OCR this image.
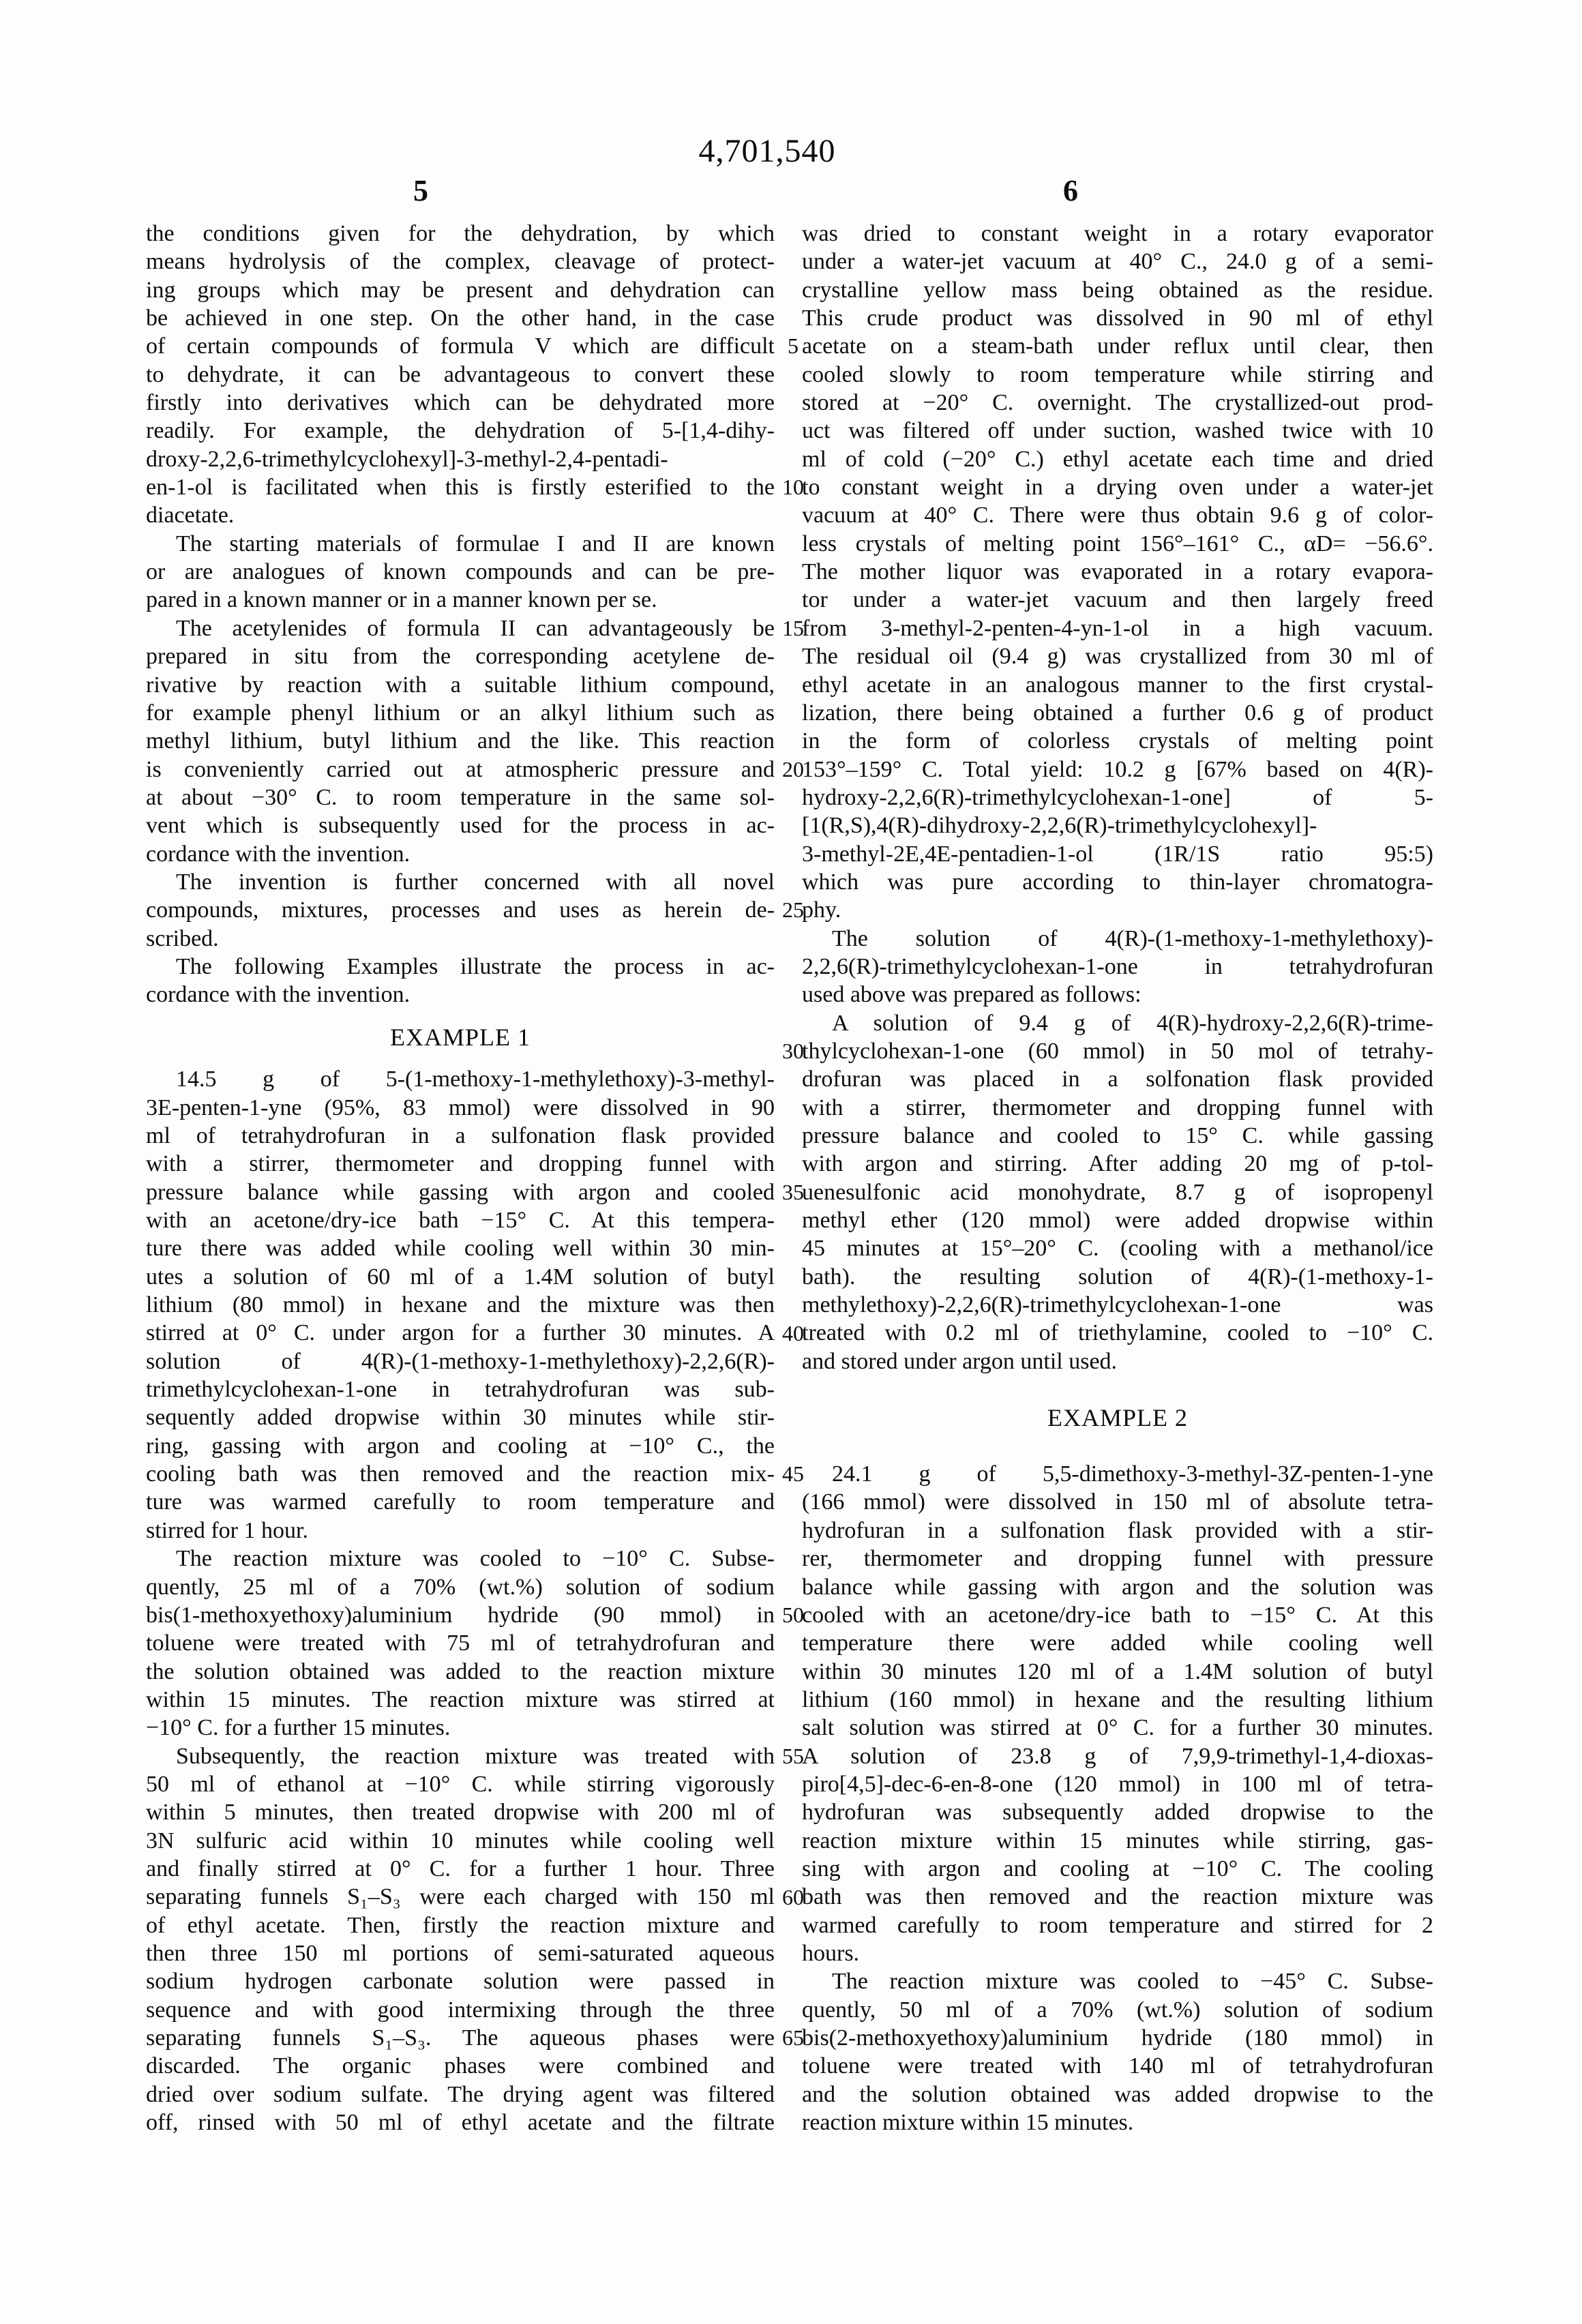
4,701,540
5	6
the conditions given for the dehydration, by which
means hydrolysis of the complex, cleavage of protect-
ing groups which may be present and dehydration can
be achieved in one step. On the other hand, in the case
of certain compounds of formula V which are difficult
to dehydrate, it can be advantageous to convert these
firstly into derivatives which can be dehydrated more
readily. For example, the dehydration of 5-[1,4-dihy-
droxy-2,2,6-trimethylcyclohexyl]-3-methyl-2,4-pentadi-
en-1-ol is facilitated when this is firstly esterified to the
diacetate.
The starting materials of formulae I and II are known
or are analogues of known compounds and can be pre-
pared in a known manner or in a manner known per se.
The acetylenides of formula II can advantageously be
prepared in situ from the corresponding acetylene de-
rivative by reaction with a suitable lithium compound,
for example phenyl lithium or an alkyl lithium such as
methyl lithium, butyl lithium and the like. This reaction
is conveniently carried out at atmospheric pressure and
at about −30° C. to room temperature in the same sol-
vent which is subsequently used for the process in ac-
cordance with the invention.
The invention is further concerned with all novel
compounds, mixtures, processes and uses as herein de-
scribed.
The following Examples illustrate the process in ac-
cordance with the invention.
EXAMPLE 1
14.5 g of 5-(1-methoxy-1-methylethoxy)-3-methyl-
3E-penten-1-yne (95%, 83 mmol) were dissolved in 90
ml of tetrahydrofuran in a sulfonation flask provided
with a stirrer, thermometer and dropping funnel with
pressure balance while gassing with argon and cooled
with an acetone/dry-ice bath −15° C. At this tempera-
ture there was added while cooling well within 30 min-
utes a solution of 60 ml of a 1.4M solution of butyl
lithium (80 mmol) in hexane and the mixture was then
stirred at 0° C. under argon for a further 30 minutes. A
solution of 4(R)-(1-methoxy-1-methylethoxy)-2,2,6(R)-
trimethylcyclohexan-1-one in tetrahydrofuran was sub-
sequently added dropwise within 30 minutes while stir-
ring, gassing with argon and cooling at −10° C., the
cooling bath was then removed and the reaction mix-
ture was warmed carefully to room temperature and
stirred for 1 hour.
The reaction mixture was cooled to −10° C. Subse-
quently, 25 ml of a 70% (wt.%) solution of sodium
bis(1-methoxyethoxy)aluminium hydride (90 mmol) in
toluene were treated with 75 ml of tetrahydrofuran and
the solution obtained was added to the reaction mixture
within 15 minutes. The reaction mixture was stirred at
−10° C. for a further 15 minutes.
Subsequently, the reaction mixture was treated with
50 ml of ethanol at −10° C. while stirring vigorously
within 5 minutes, then treated dropwise with 200 ml of
3N sulfuric acid within 10 minutes while cooling well
and finally stirred at 0° C. for a further 1 hour. Three
separating funnels S₁–S₃ were each charged with 150 ml
of ethyl acetate. Then, firstly the reaction mixture and
then three 150 ml portions of semi-saturated aqueous
sodium hydrogen carbonate solution were passed in
sequence and with good intermixing through the three
separating funnels S₁–S₃. The aqueous phases were
discarded. The organic phases were combined and
dried over sodium sulfate. The drying agent was filtered
off, rinsed with 50 ml of ethyl acetate and the filtrate
5
10
15
20
25
30
35
40
45
50
55
60
65
was dried to constant weight in a rotary evaporator
under a water-jet vacuum at 40° C., 24.0 g of a semi-
crystalline yellow mass being obtained as the residue.
This crude product was dissolved in 90 ml of ethyl
acetate on a steam-bath under reflux until clear, then
cooled slowly to room temperature while stirring and
stored at −20° C. overnight. The crystallized-out prod-
uct was filtered off under suction, washed twice with 10
ml of cold (−20° C.) ethyl acetate each time and dried
to constant weight in a drying oven under a water-jet
vacuum at 40° C. There were thus obtain 9.6 g of color-
less crystals of melting point 156°–161° C., αD= −56.6°.
The mother liquor was evaporated in a rotary evapora-
tor under a water-jet vacuum and then largely freed
from 3-methyl-2-penten-4-yn-1-ol in a high vacuum.
The residual oil (9.4 g) was crystallized from 30 ml of
ethyl acetate in an analogous manner to the first crystal-
lization, there being obtained a further 0.6 g of product
in the form of colorless crystals of melting point
153°–159° C. Total yield: 10.2 g [67% based on 4(R)-
hydroxy-2,2,6(R)-trimethylcyclohexan-1-one] of 5-
[1(R,S),4(R)-dihydroxy-2,2,6(R)-trimethylcyclohexyl]-
3-methyl-2E,4E-pentadien-1-ol (1R/1S ratio 95:5)
which was pure according to thin-layer chromatogra-
phy.
The solution of 4(R)-(1-methoxy-1-methylethoxy)-
2,2,6(R)-trimethylcyclohexan-1-one in tetrahydrofuran
used above was prepared as follows:
A solution of 9.4 g of 4(R)-hydroxy-2,2,6(R)-trime-
thylcyclohexan-1-one (60 mmol) in 50 mol of tetrahy-
drofuran was placed in a solfonation flask provided
with a stirrer, thermometer and dropping funnel with
pressure balance and cooled to 15° C. while gassing
with argon and stirring. After adding 20 mg of p-tol-
uenesulfonic acid monohydrate, 8.7 g of isopropenyl
methyl ether (120 mmol) were added dropwise within
45 minutes at 15°–20° C. (cooling with a methanol/ice
bath). the resulting solution of 4(R)-(1-methoxy-1-
methylethoxy)-2,2,6(R)-trimethylcyclohexan-1-one was
treated with 0.2 ml of triethylamine, cooled to −10° C.
and stored under argon until used.
EXAMPLE 2
24.1 g of 5,5-dimethoxy-3-methyl-3Z-penten-1-yne
(166 mmol) were dissolved in 150 ml of absolute tetra-
hydrofuran in a sulfonation flask provided with a stir-
rer, thermometer and dropping funnel with pressure
balance while gassing with argon and the solution was
cooled with an acetone/dry-ice bath to −15° C. At this
temperature there were added while cooling well
within 30 minutes 120 ml of a 1.4M solution of butyl
lithium (160 mmol) in hexane and the resulting lithium
salt solution was stirred at 0° C. for a further 30 minutes.
A solution of 23.8 g of 7,9,9-trimethyl-1,4-dioxas-
piro[4,5]-dec-6-en-8-one (120 mmol) in 100 ml of tetra-
hydrofuran was subsequently added dropwise to the
reaction mixture within 15 minutes while stirring, gas-
sing with argon and cooling at −10° C. The cooling
bath was then removed and the reaction mixture was
warmed carefully to room temperature and stirred for 2
hours.
The reaction mixture was cooled to −45° C. Subse-
quently, 50 ml of a 70% (wt.%) solution of sodium
bis(2-methoxyethoxy)aluminium hydride (180 mmol) in
toluene were treated with 140 ml of tetrahydrofuran
and the solution obtained was added dropwise to the
reaction mixture within 15 minutes.
